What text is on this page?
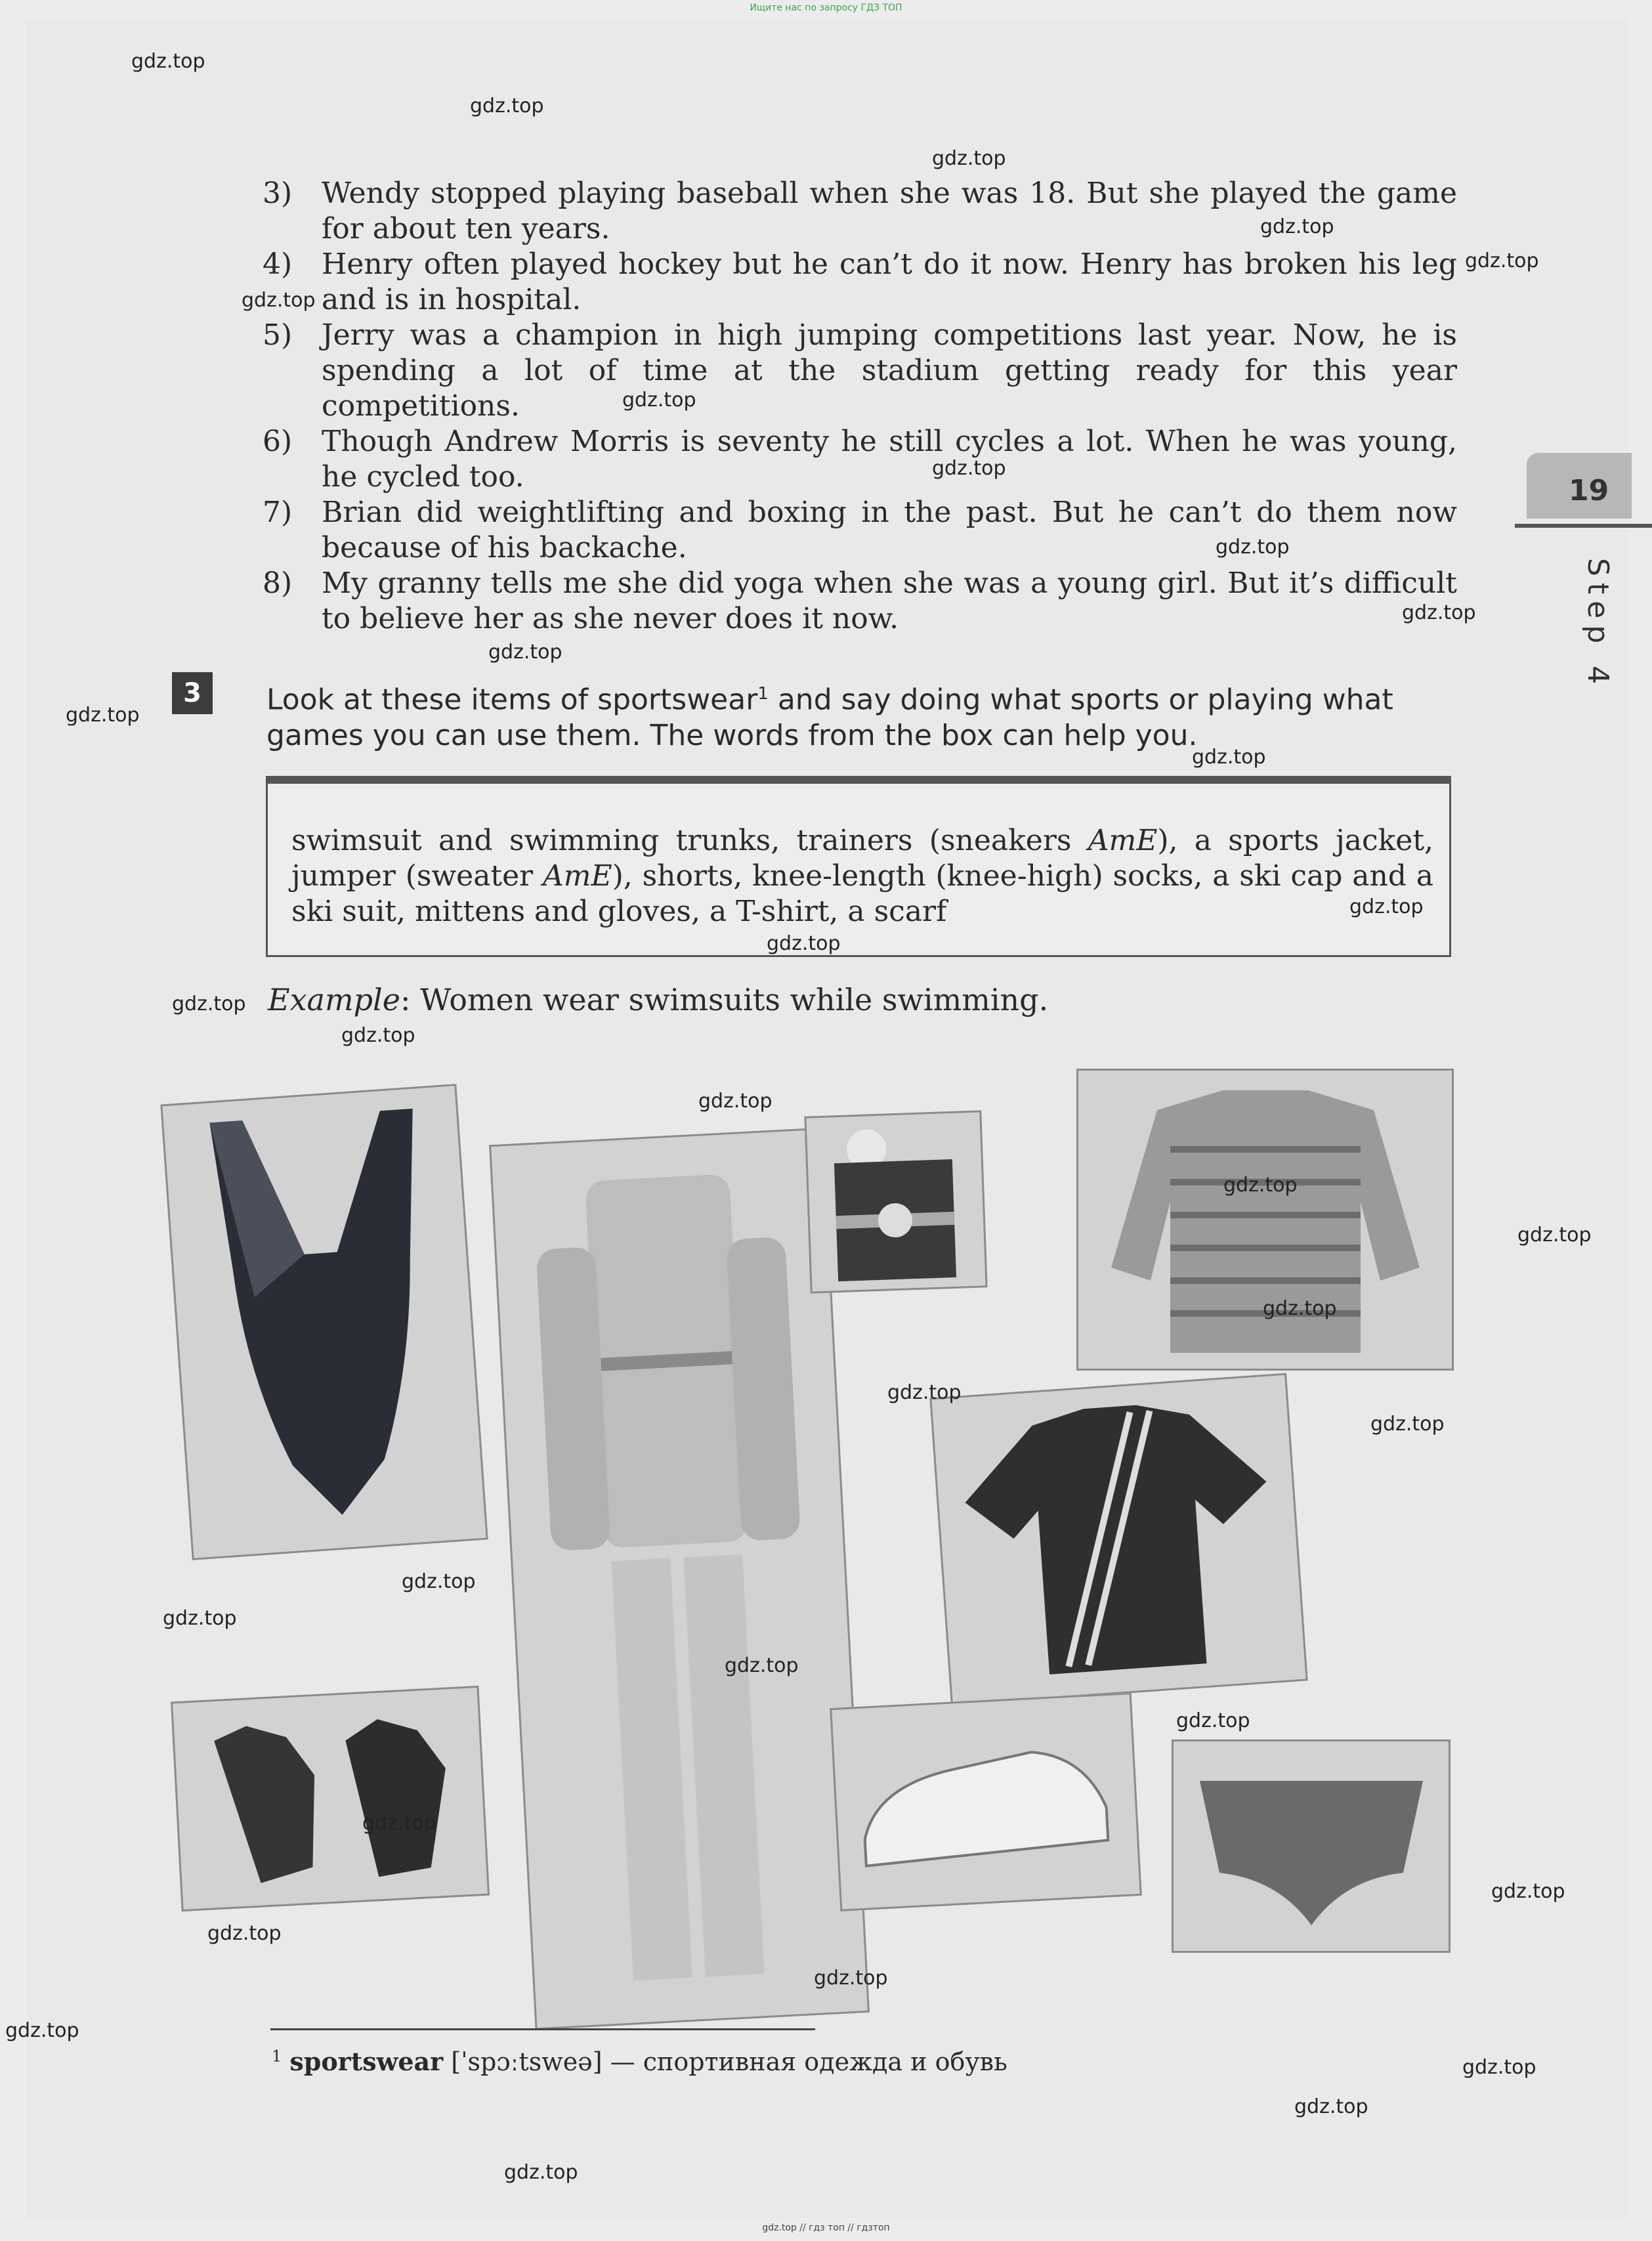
Ищите нас по запросу ГДЗ ТОП
3) Wendy stopped playing baseball when she was 18. But she played the game for about ten years.
4) Henry often played hockey but he can’t do it now. Henry has broken his leg and is in hospital.
5) Jerry was a champion in high jumping competitions last year. Now, he is spending a lot of time at the stadium getting ready for this year competitions.
6) Though Andrew Morris is seventy he still cycles a lot. When he was young, he cycled too.
7) Brian did weightlifting and boxing in the past. But he can’t do them now because of his backache.
8) My granny tells me she did yoga when she was a young girl. But it’s difficult to believe her as she never does it now.
3	Look at these items of sportswear$^1$ and say doing what sports or playing what games you can use them. The words from the box can help you.
swimsuit and swimming trunks, trainers (sneakers AmE), a sports jacket, jumper (sweater AmE), shorts, knee-length (knee-high) socks, a ski cap and a ski suit, mittens and gloves, a T-shirt, a scarf
Example: Women wear swimsuits while swimming.
19
Step 4
$^1$ sportswear [ˈspɔːtsweə] — спортивная одежда и обувь
gdz.top
gdz.top
gdz.top
gdz.top
gdz.top
gdz.top
gdz.top
gdz.top
gdz.top
gdz.top
gdz.top
gdz.top
gdz.top
gdz.top
gdz.top
gdz.top
gdz.top
gdz.top
gdz.top
gdz.top
gdz.top
gdz.top
gdz.top
gdz.top
gdz.top
gdz.top
gdz.top
gdz.top
gdz.top
gdz.top
gdz.top
gdz.top
gdz.top
gdz.top
gdz.top
gdz.top // гдз топ // гдзтоп
